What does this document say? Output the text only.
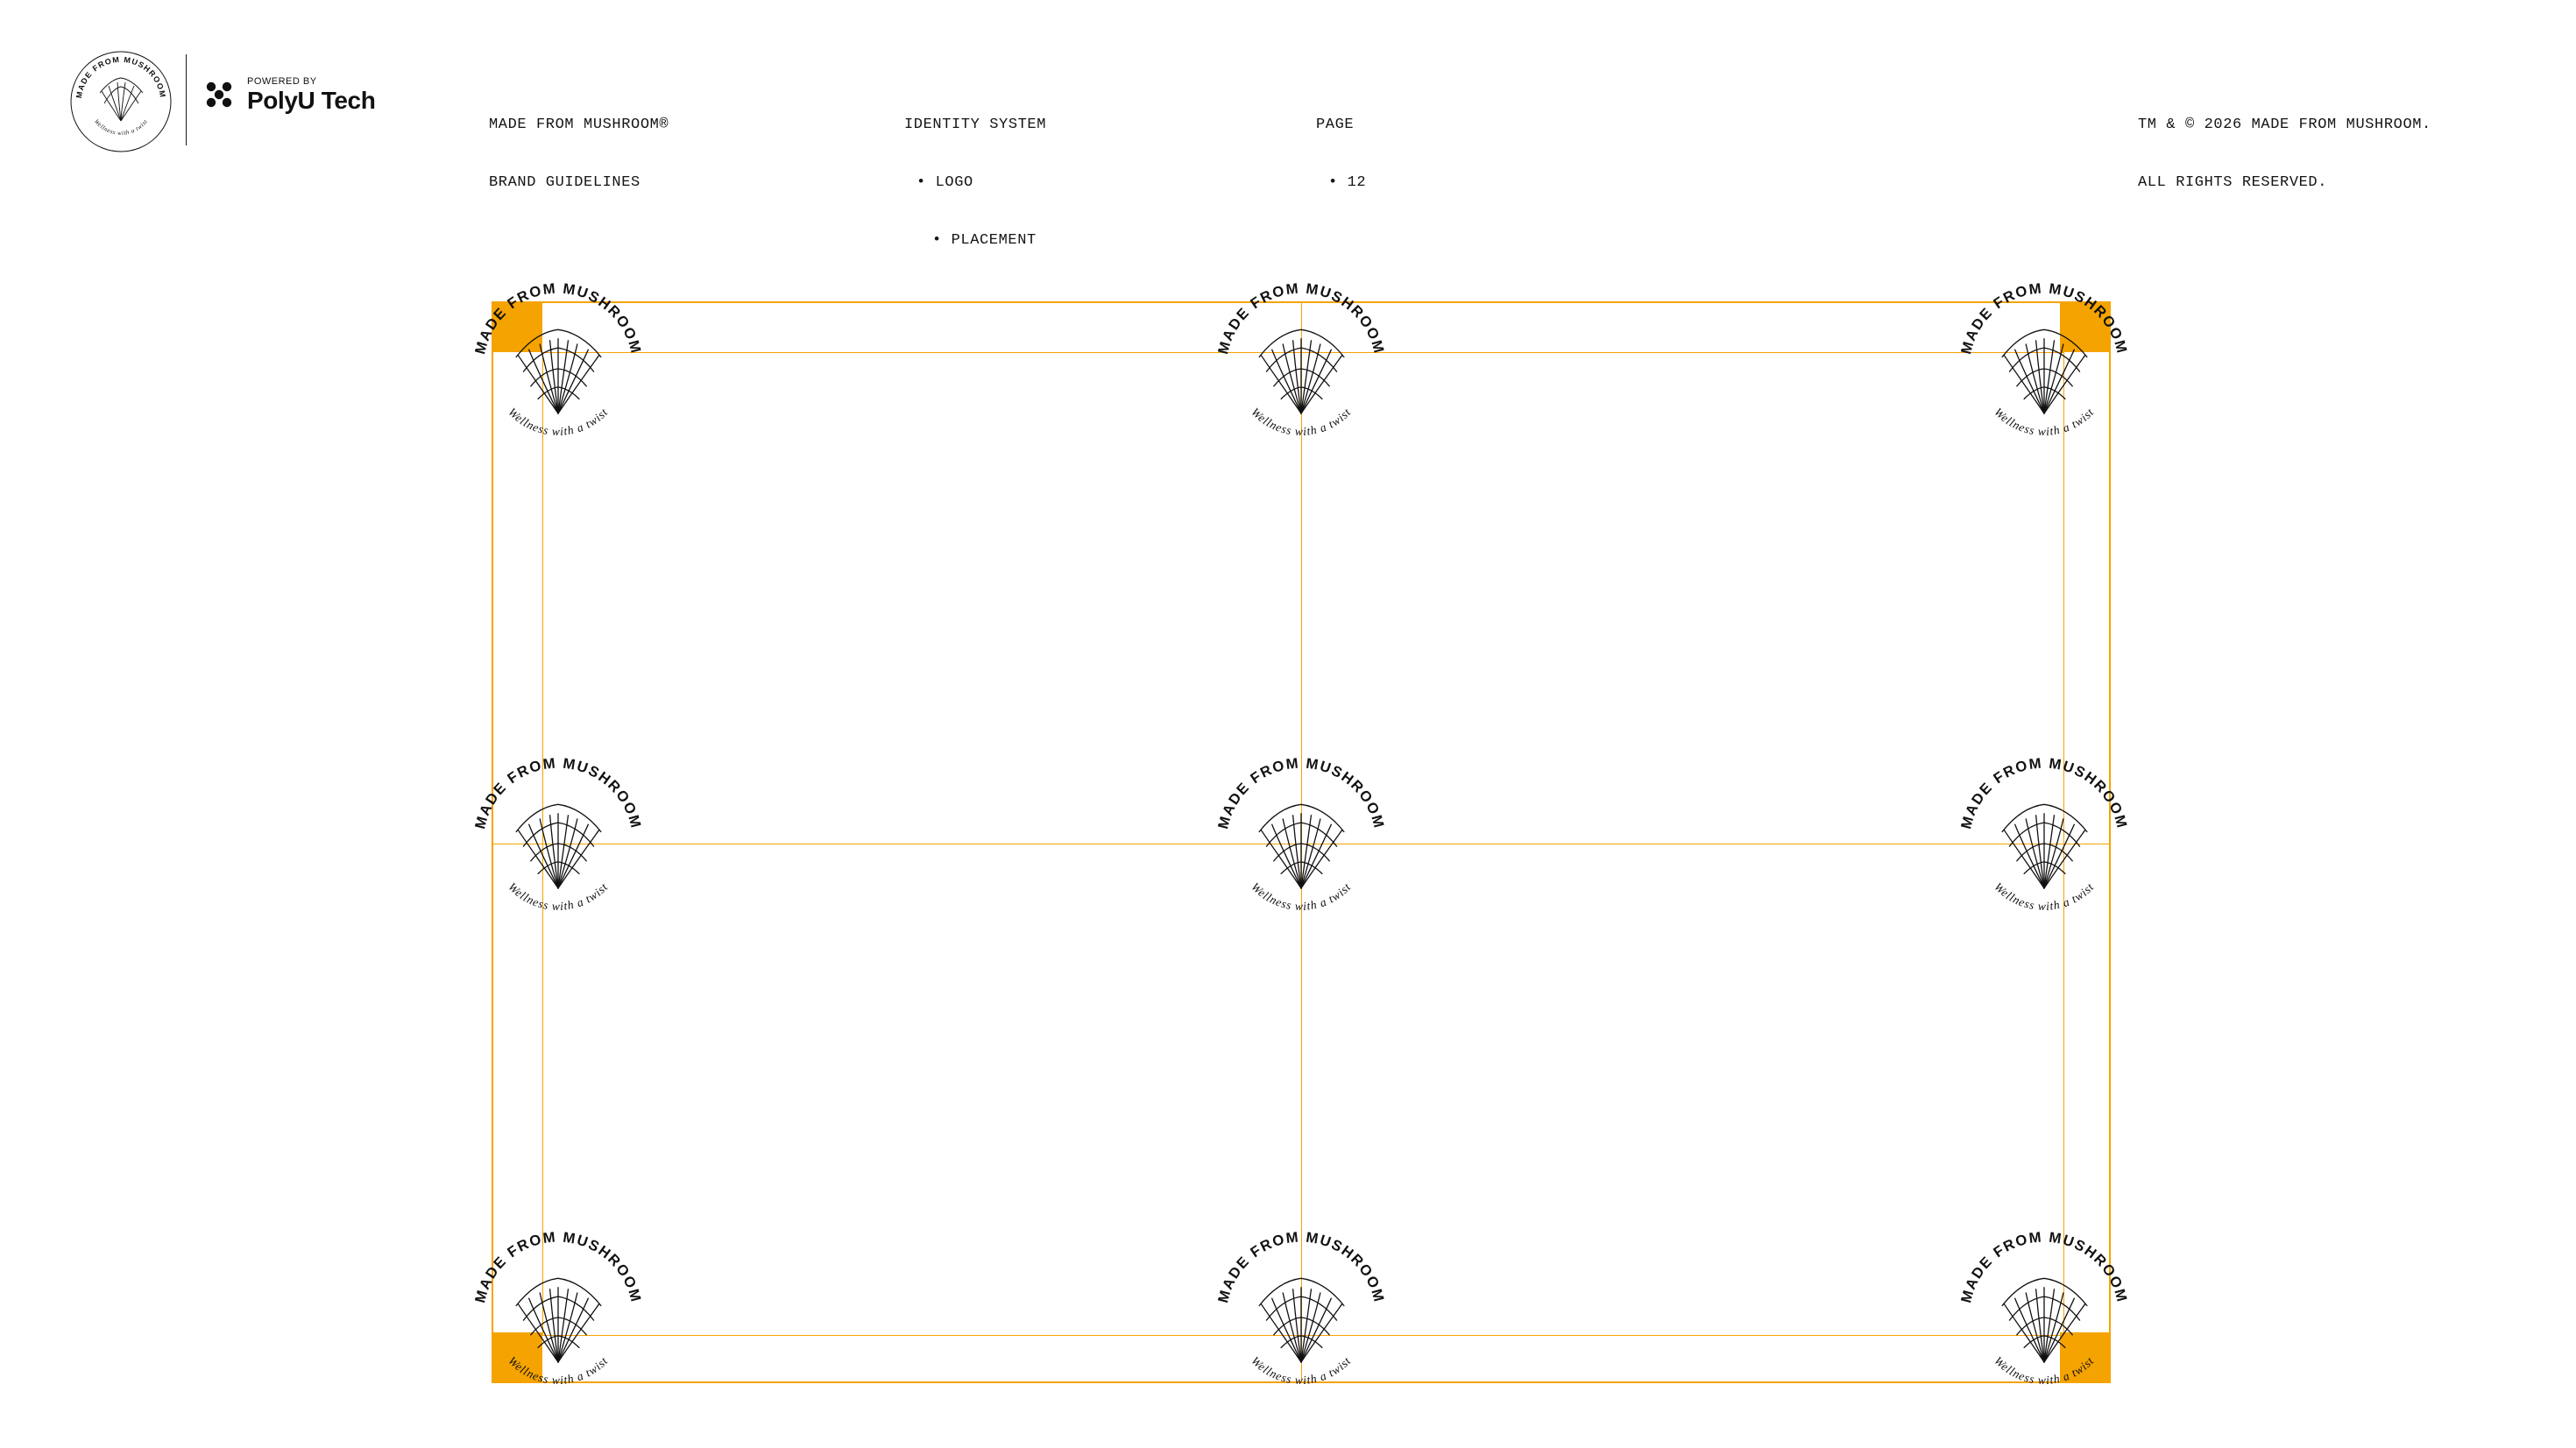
MADE FROM MUSHROOM
Wellness with a twist
POWERED BY
PolyU Tech

MADE FROM MUSHROOM®

BRAND GUIDELINES

IDENTITY SYSTEM

• LOGO

• PLACEMENT

PAGE

• 12

TM & © 2026 MADE FROM MUSHROOM.

ALL RIGHTS RESERVED.

MADE FROM MUSHROOM
Wellness with a twist
MADE FROM MUSHROOM
Wellness with a twist
MADE FROM MUSHROOM
Wellness with a twist
MADE FROM MUSHROOM
Wellness with a twist
MADE FROM MUSHROOM
Wellness with a twist
MADE FROM MUSHROOM
Wellness with a twist
MADE FROM MUSHROOM
Wellness with a twist
MADE FROM MUSHROOM
Wellness with a twist
MADE FROM MUSHROOM
Wellness with a twist
